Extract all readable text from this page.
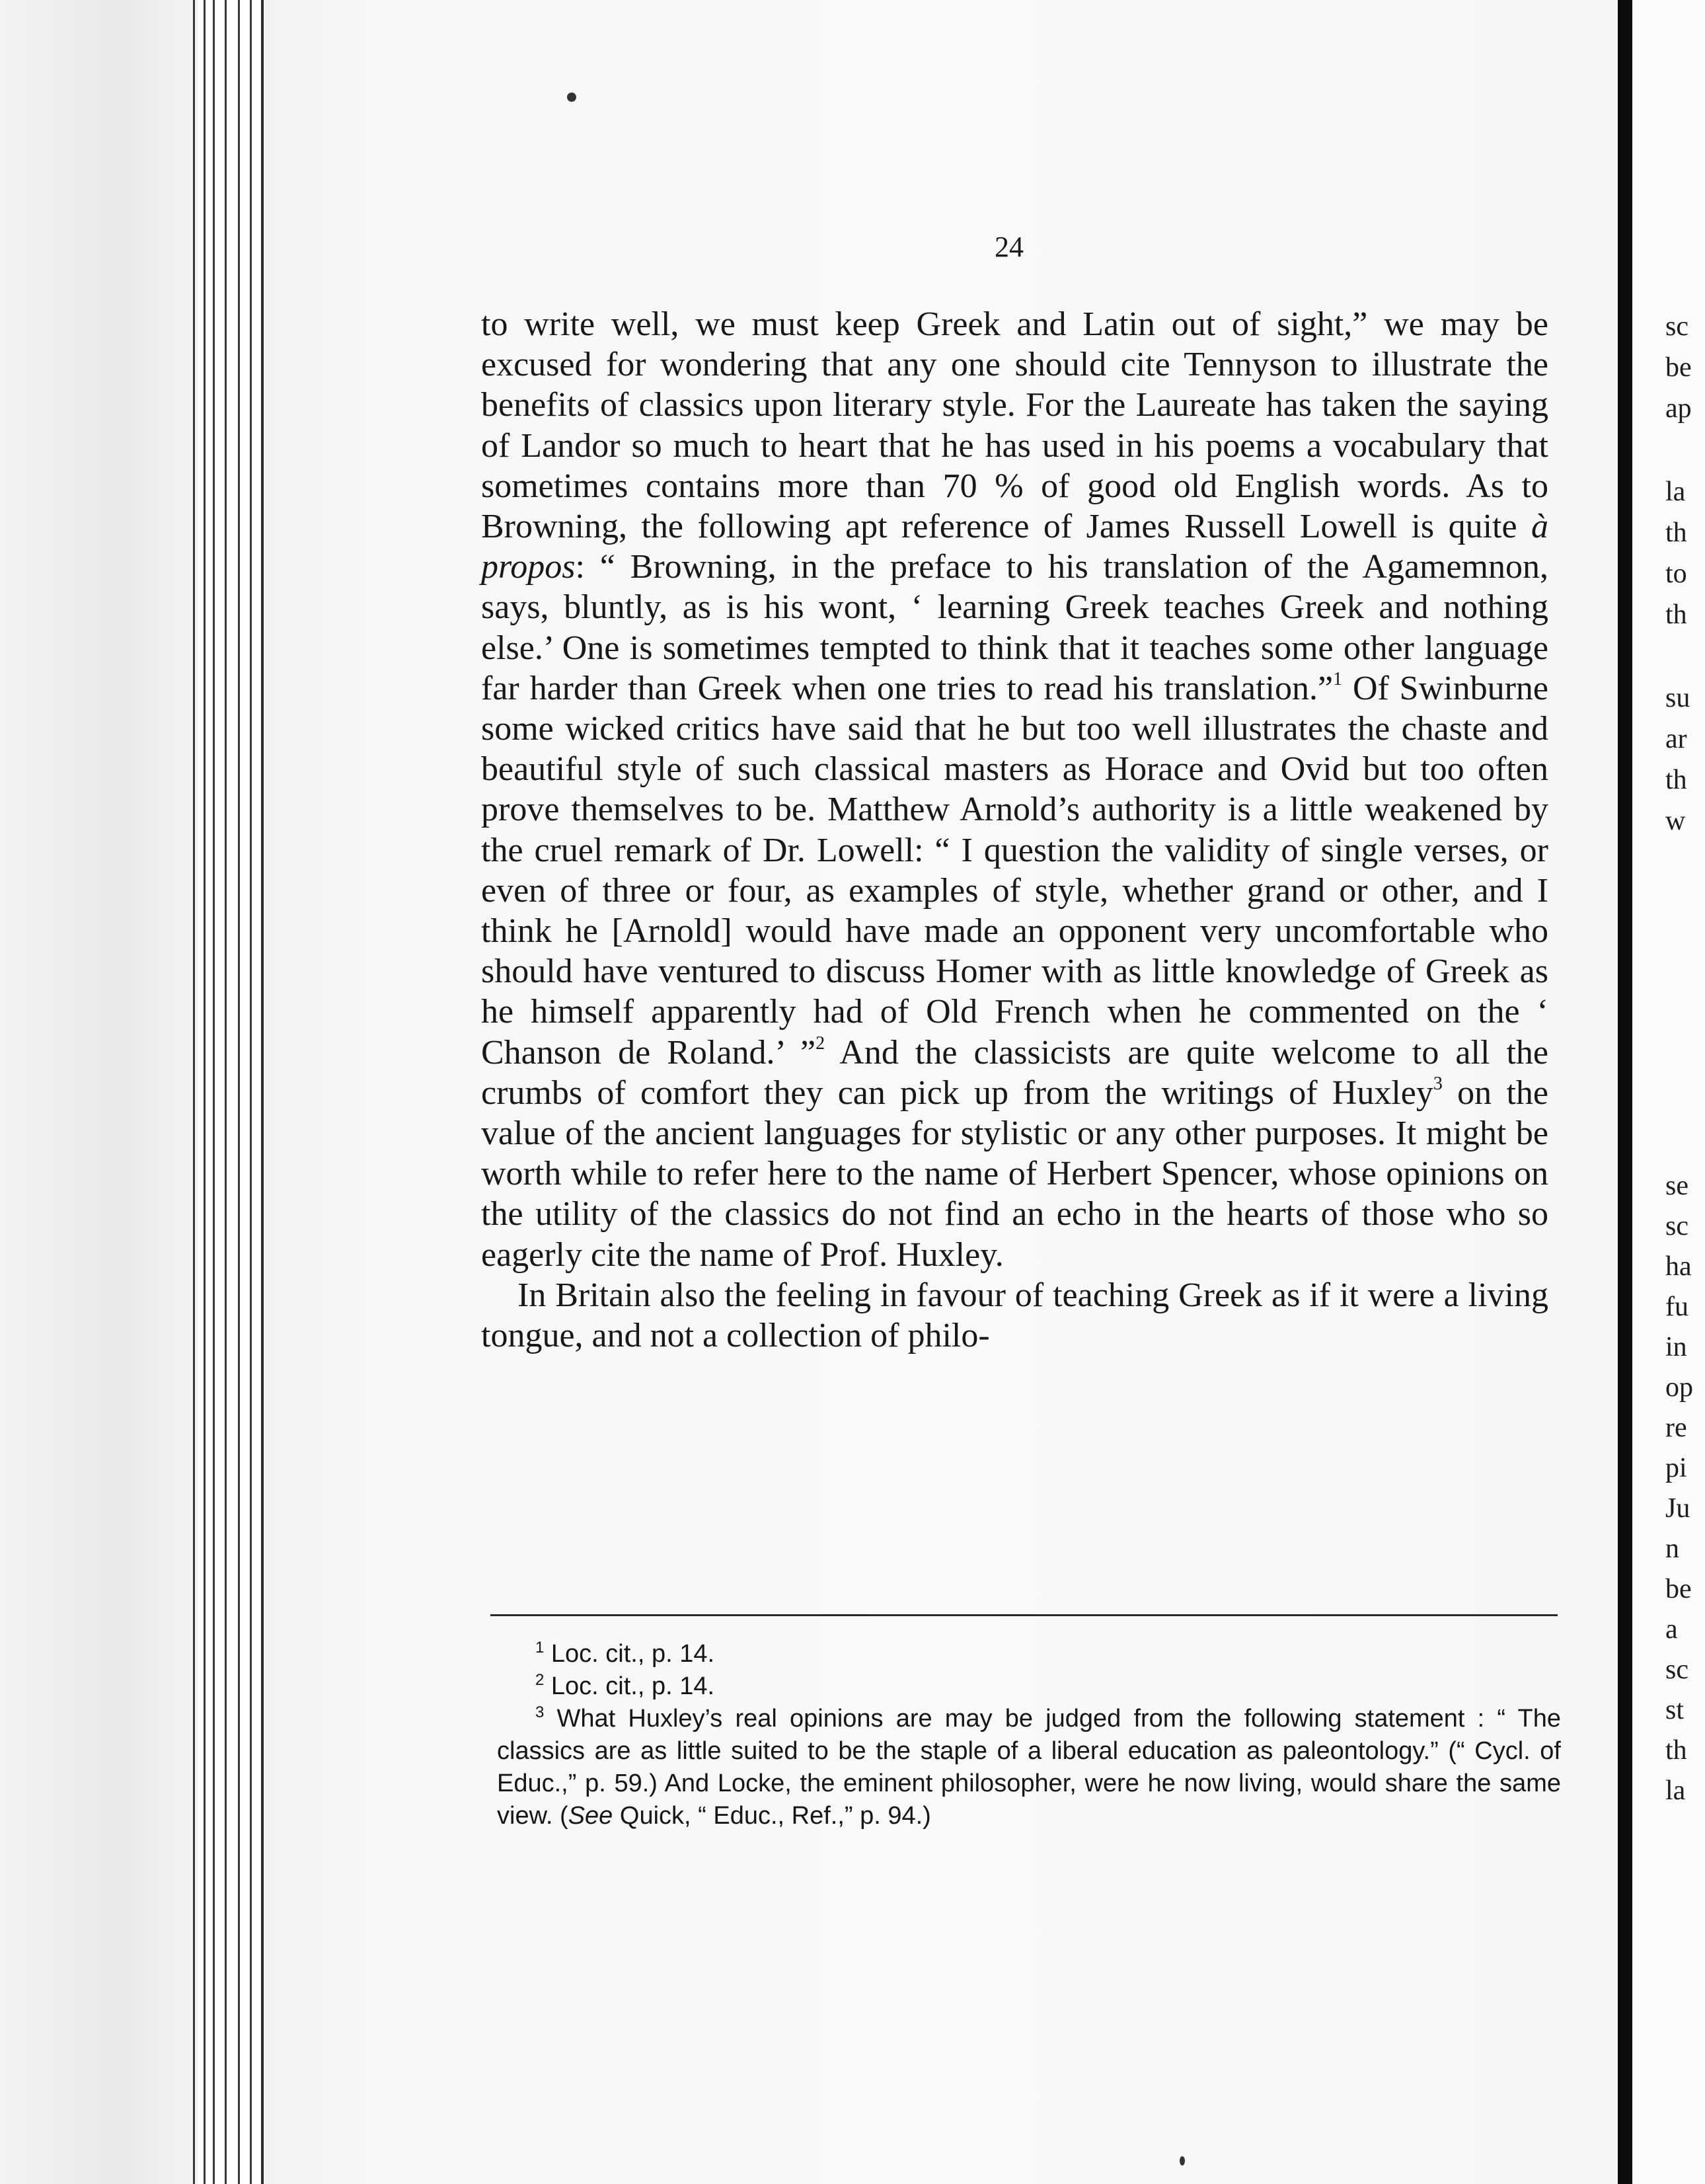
24

to write well, we must keep Greek and Latin out of sight,” we may be excused for wondering that any one should cite Tennyson to illustrate the benefits of classics upon literary style. For the Laureate has taken the saying of Landor so much to heart that he has used in his poems a vocabulary that sometimes contains more than 70 % of good old English words. As to Browning, the following apt reference of James Russell Lowell is quite à propos: “ Browning, in the preface to his translation of the Agamemnon, says, bluntly, as is his wont, ‘ learning Greek teaches Greek and nothing else.’ One is sometimes tempted to think that it teaches some other language far harder than Greek when one tries to read his translation.”$^1$ Of Swinburne some wicked critics have said that he but too well illustrates the chaste and beautiful style of such classical masters as Horace and Ovid but too often prove themselves to be. Matthew Arnold’s authority is a little weakened by the cruel remark of Dr. Lowell: “ I question the validity of single verses, or even of three or four, as examples of style, whether grand or other, and I think he [Arnold] would have made an opponent very uncomfortable who should have ventured to discuss Homer with as little knowledge of Greek as he himself apparently had of Old French when he commented on the ‘ Chanson de Roland.’ ”$^2$ And the classicists are quite welcome to all the crumbs of comfort they can pick up from the writings of Huxley$^3$ on the value of the ancient languages for stylistic or any other purposes. It might be worth while to refer here to the name of Herbert Spencer, whose opinions on the utility of the classics do not find an echo in the hearts of those who so eagerly cite the name of Prof. Huxley.

In Britain also the feeling in favour of teaching Greek as if it were a living tongue, and not a collection of philo-

$^1$ Loc. cit., p. 14.

$^2$ Loc. cit., p. 14.

$^3$ What Huxley’s real opinions are may be judged from the following statement : “ The classics are as little suited to be the staple of a liberal education as paleontology.” (“ Cycl. of Educ.,” p. 59.) And Locke, the eminent philosopher, were he now living, would share the same view. (See Quick, “ Educ., Ref.,” p. 94.)

sc
be
ap
la
th
to
th
su
ar
th
w
se
sc
ha
fu
in
op
re
pi
Ju
n
be
a
sc
st
th
la
